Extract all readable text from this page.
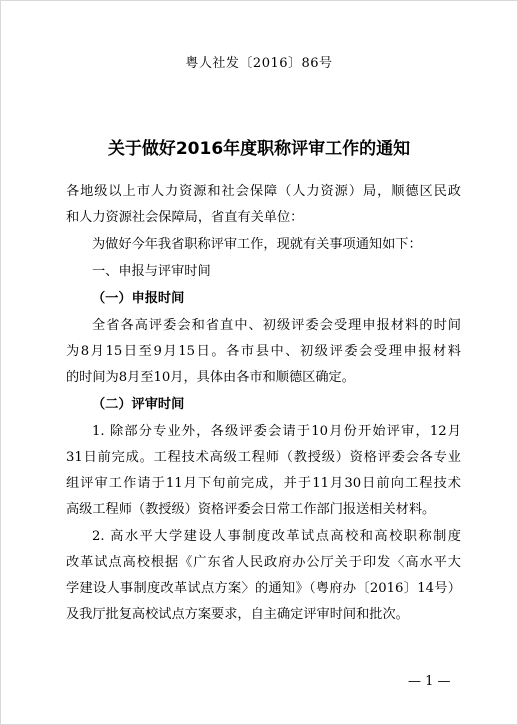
粤人社发〔2016〕86号
关于做好2016年度职称评审工作的通知
各地级以上市人力资源和社会保障（人力资源）局，顺德区民政
和人力资源社会保障局，省直有关单位：
为做好今年我省职称评审工作，现就有关事项通知如下：
一、申报与评审时间
（一）申报时间
全省各高评委会和省直中、初级评委会受理申报材料的时间
为8月15日至9月15日。各市县中、初级评委会受理申报材料
的时间为8月至10月，具体由各市和顺德区确定。
（二）评审时间
1. 除部分专业外，各级评委会请于10月份开始评审，12月
31日前完成。工程技术高级工程师（教授级）资格评委会各专业
组评审工作请于11月下旬前完成，并于11月30日前向工程技术
高级工程师（教授级）资格评委会日常工作部门报送相关材料。
2. 高水平大学建设人事制度改革试点高校和高校职称制度
改革试点高校根据《广东省人民政府办公厅关于印发〈高水平大
学建设人事制度改革试点方案〉的通知》（粤府办〔2016〕14号）
及我厅批复高校试点方案要求，自主确定评审时间和批次。
— 1 —
